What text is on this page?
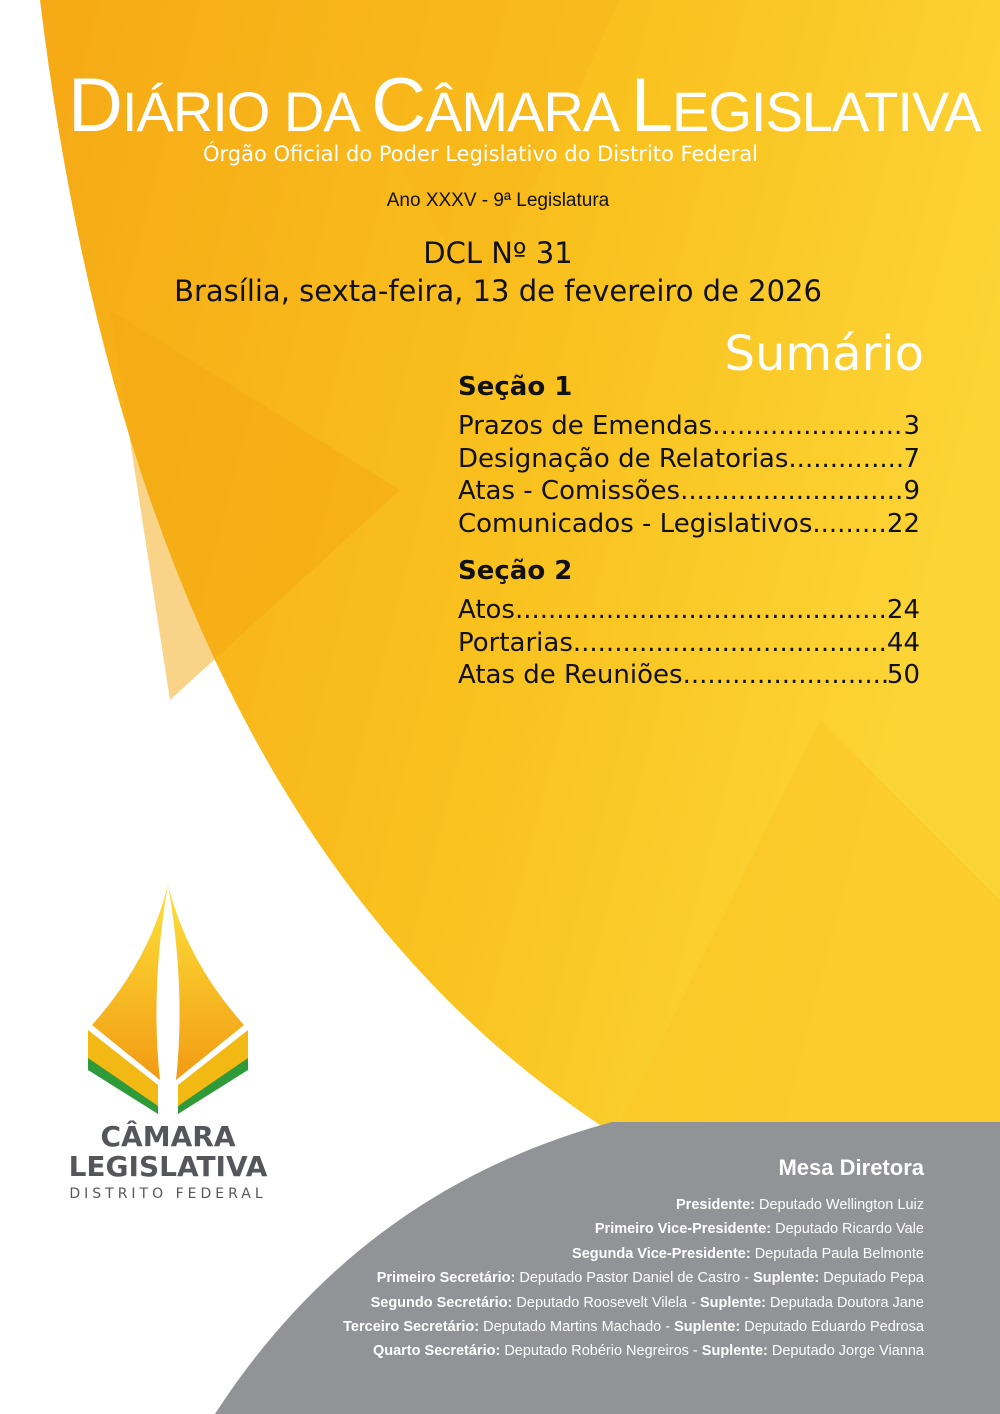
DIÁRIO DA CÂMARA LEGISLATIVA
Órgão Oficial do Poder Legislativo do Distrito Federal
Ano XXXV - 9ª Legislatura
DCL Nº 31
Brasília, sexta-feira, 13 de fevereiro de 2026
Sumário
Seção 1
Prazos de Emendas .....	3
Designação de Relatorias .....	7
Atas - Comissões .....	9
Comunicados - Legislativos .....	22
Seção 2
Atos .....	24
Portarias .....	44
Atas de Reuniões .....	50
CÂMARA
LEGISLATIVA
DISTRITO FEDERAL
Mesa Diretora
Presidente: Deputado Wellington Luiz
Primeiro Vice-Presidente: Deputado Ricardo Vale
Segunda Vice-Presidente: Deputada Paula Belmonte
Primeiro Secretário: Deputado Pastor Daniel de Castro - Suplente: Deputado Pepa
Segundo Secretário: Deputado Roosevelt Vilela - Suplente: Deputada Doutora Jane
Terceiro Secretário: Deputado Martins Machado - Suplente: Deputado Eduardo Pedrosa
Quarto Secretário: Deputado Robério Negreiros - Suplente: Deputado Jorge Vianna
